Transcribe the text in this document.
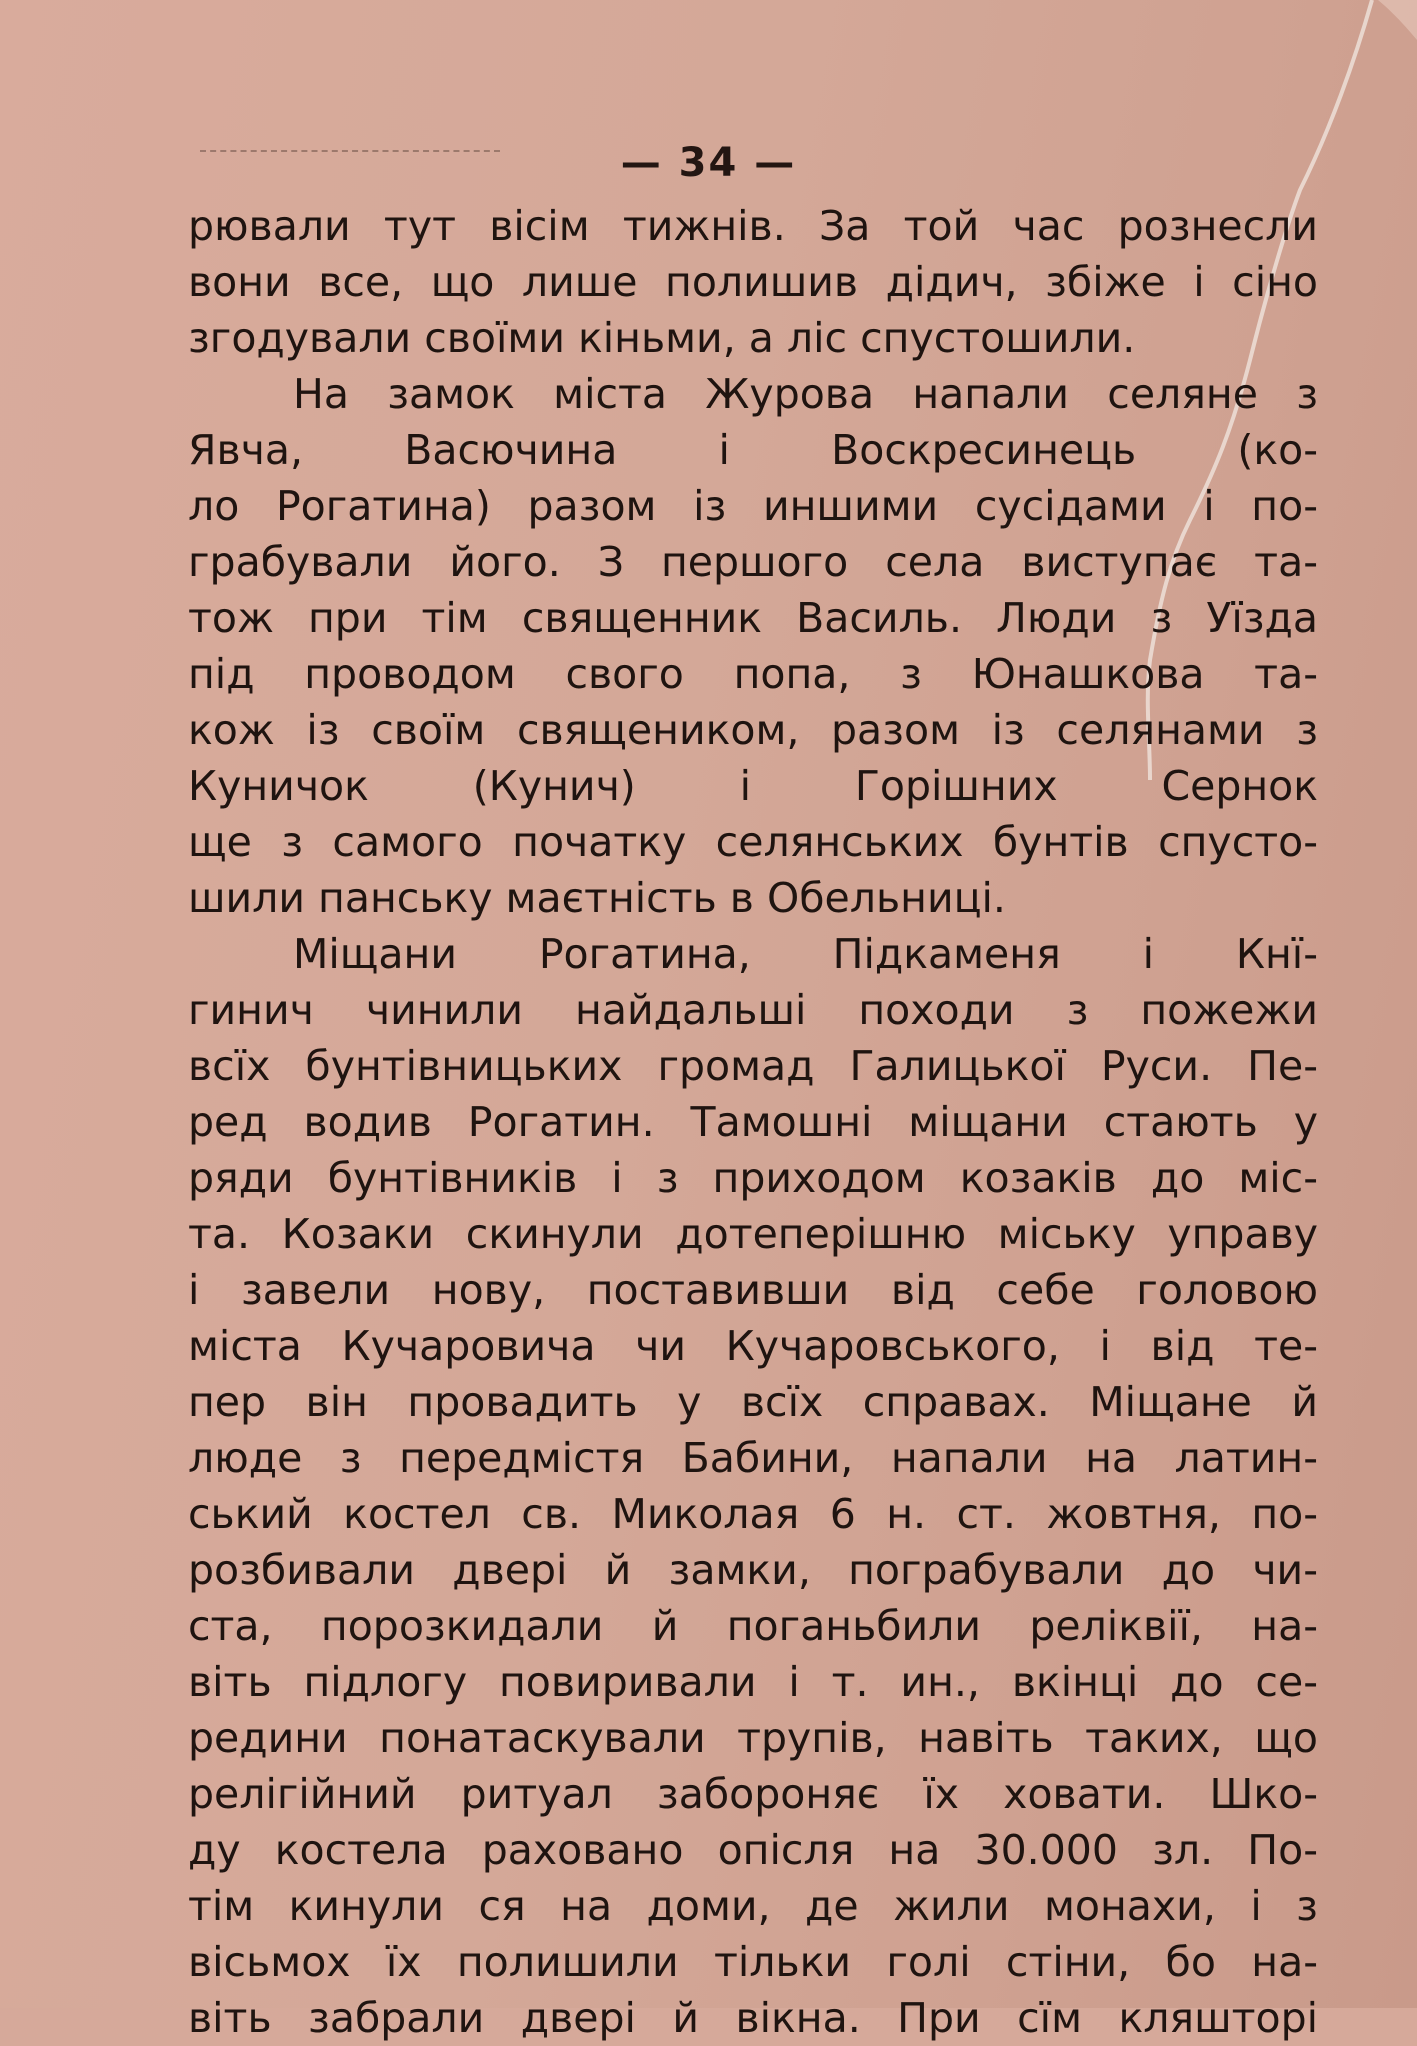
— 34 —
рювали тут вісім тижнів. За той час рознесли
вони все, що лише полишив дідич, збіже і сіно
згодували своїми кіньми, а ліс спустошили.
На замок міста Журова напали селяне з
Явча, Васючина і Воскресинець (ко-
ло Рогатина) разом із иншими сусідами і по-
грабували його. З першого села виступає та-
тож при тім священник Василь. Люди з Уїзда
під проводом свого попа, з Юнашкова та-
кож із своїм священиком, разом із селянами з
Куничок (Кунич) і Горішних Сернок
ще з самого початку селянських бунтів спусто-
шили панську маєтність в Обельниці.
Міщани Рогатина, Підкаменя і Кнї-
гинич чинили найдальші походи з пожежи
всїх бунтівницьких громад Галицької Руси. Пе-
ред водив Рогатин. Тамошні міщани стають у
ряди бунтівників і з приходом козаків до міс-
та. Козаки скинули дотеперішню міську управу
і завели нову, поставивши від себе головою
міста Кучаровича чи Кучаровського, і від те-
пер він провадить у всїх справах. Міщане й
люде з передмістя Бабини, напали на латин-
ський костел св. Миколая 6 н. ст. жовтня, по-
розбивали двері й замки, пограбували до чи-
ста, порозкидали й поганьбили реліквії, на-
віть підлогу повиривали і т. ин., вкінці до се-
редини понатаскували трупів, навіть таких, що
релігійний ритуал забороняє їх ховати. Шко-
ду костела раховано опісля на 30.000 зл. По-
тім кинули ся на доми, де жили монахи, і з
вісьмох їх полишили тільки голі стіни, бо на-
віть забрали двері й вікна. При сїм кляшторі
